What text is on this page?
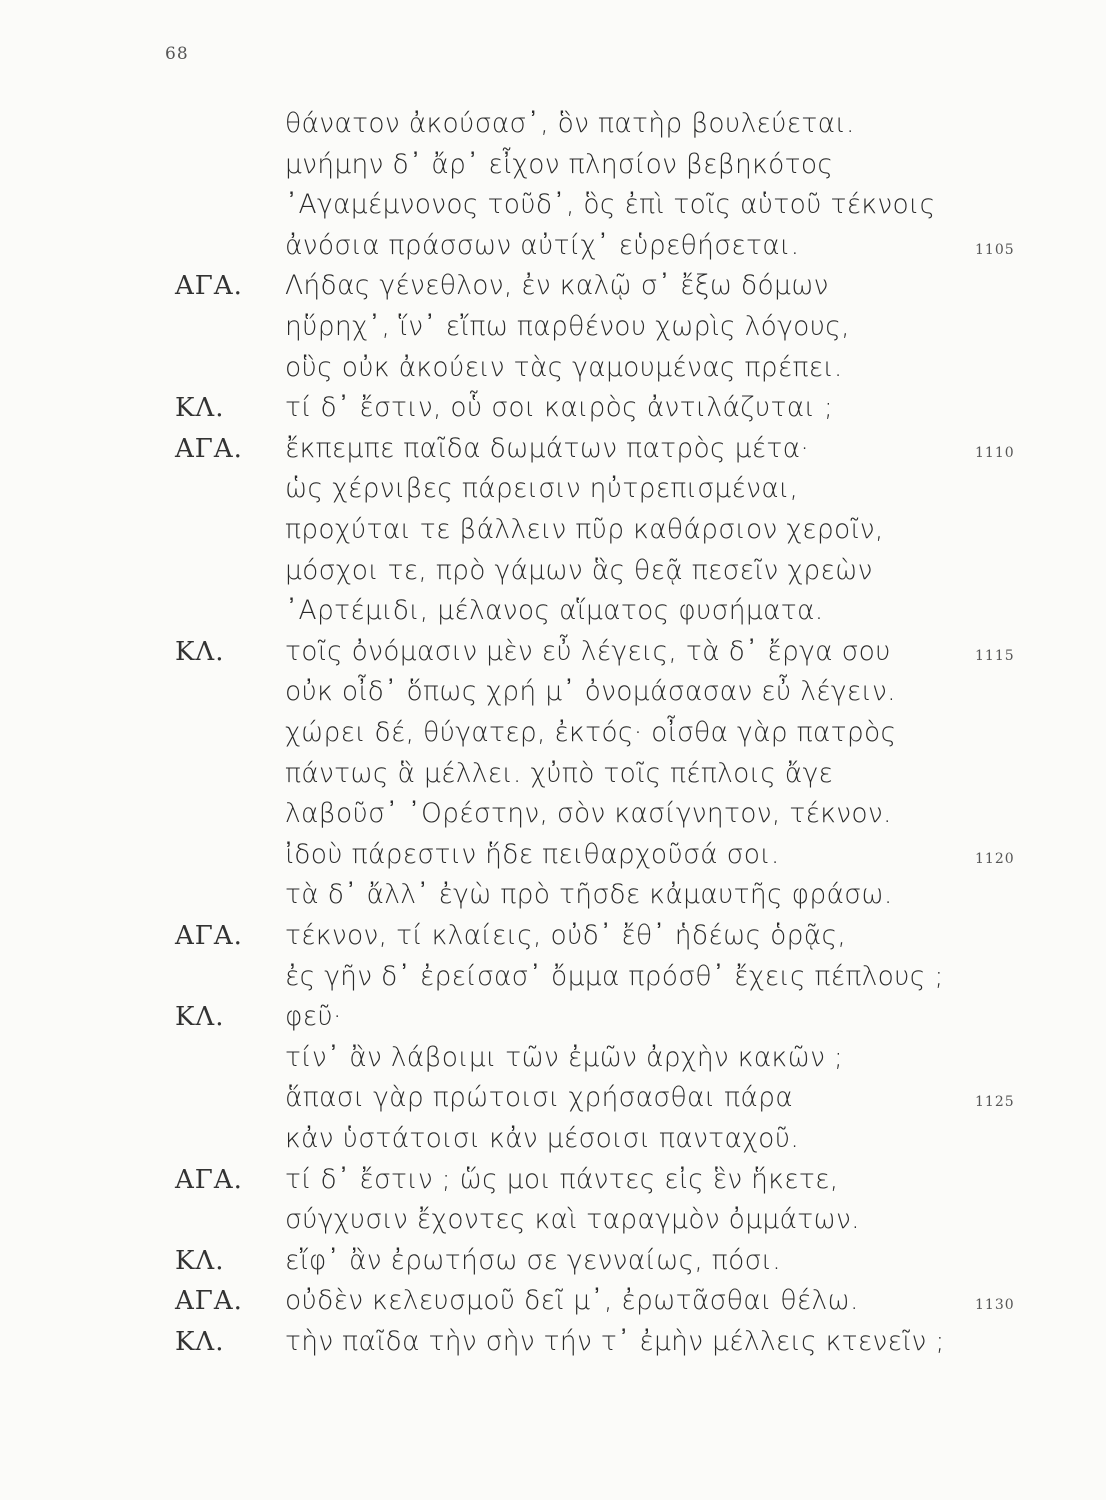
68
θάνατον ἀκούσασ᾿, ὃν πατὴρ βουλεύεται.
μνήμην δ᾿ ἄρ᾿ εἶχον πλησίον βεβηκότος
᾿Αγαμέμνονος τοῦδ᾿, ὃς ἐπὶ τοῖς αὑτοῦ τέκνοις
ἀνόσια πράσσων αὐτίχ᾿ εὑρεθήσεται.	1105
ΑΓΑ. Λήδας γένεθλον, ἐν καλῷ σ᾿ ἔξω δόμων
ηὕρηχ᾿, ἵν᾿ εἴπω παρθένου χωρὶς λόγους,
οὓς οὐκ ἀκούειν τὰς γαμουμένας πρέπει.
ΚΛ. τί δ᾿ ἔστιν, οὗ σοι καιρὸς ἀντιλάζυται ;
ΑΓΑ. ἔκπεμπε παῖδα δωμάτων πατρὸς μέτα·	1110
ὡς χέρνιβες πάρεισιν ηὐτρεπισμέναι,
προχύται τε βάλλειν πῦρ καθάρσιον χεροῖν,
μόσχοι τε, πρὸ γάμων ἃς θεᾷ πεσεῖν χρεὼν
᾿Αρτέμιδι, μέλανος αἵματος φυσήματα.
ΚΛ. τοῖς ὀνόμασιν μὲν εὖ λέγεις, τὰ δ᾿ ἔργα σου	1115
οὐκ οἶδ᾿ ὅπως χρή μ᾿ ὀνομάσασαν εὖ λέγειν.
χώρει δέ, θύγατερ, ἐκτός· οἶσθα γὰρ πατρὸς
πάντως ἃ μέλλει. χὐπὸ τοῖς πέπλοις ἄγε
λαβοῦσ᾿ ᾿Ορέστην, σὸν κασίγνητον, τέκνον.
ἰδοὺ πάρεστιν ἥδε πειθαρχοῦσά σοι.	1120
τὰ δ᾿ ἄλλ᾿ ἐγὼ πρὸ τῆσδε κἀμαυτῆς φράσω.
ΑΓΑ. τέκνον, τί κλαίεις, οὐδ᾿ ἔθ᾿ ἡδέως ὁρᾷς,
ἐς γῆν δ᾿ ἐρείσασ᾿ ὄμμα πρόσθ᾿ ἔχεις πέπλους ;
ΚΛ. φεῦ·
τίν᾿ ἂν λάβοιμι τῶν ἐμῶν ἀρχὴν κακῶν ;
ἅπασι γὰρ πρώτοισι χρήσασθαι πάρα	1125
κἀν ὑστάτοισι κἀν μέσοισι πανταχοῦ.
ΑΓΑ. τί δ᾿ ἔστιν ; ὥς μοι πάντες εἰς ἓν ἥκετε,
σύγχυσιν ἔχοντες καὶ ταραγμὸν ὀμμάτων.
ΚΛ. εἴφ᾿ ἂν ἐρωτήσω σε γενναίως, πόσι.
ΑΓΑ. οὐδὲν κελευσμοῦ δεῖ μ᾿, ἐρωτᾶσθαι θέλω.	1130
ΚΛ. τὴν παῖδα τὴν σὴν τήν τ᾿ ἐμὴν μέλλεις κτενεῖν ;
